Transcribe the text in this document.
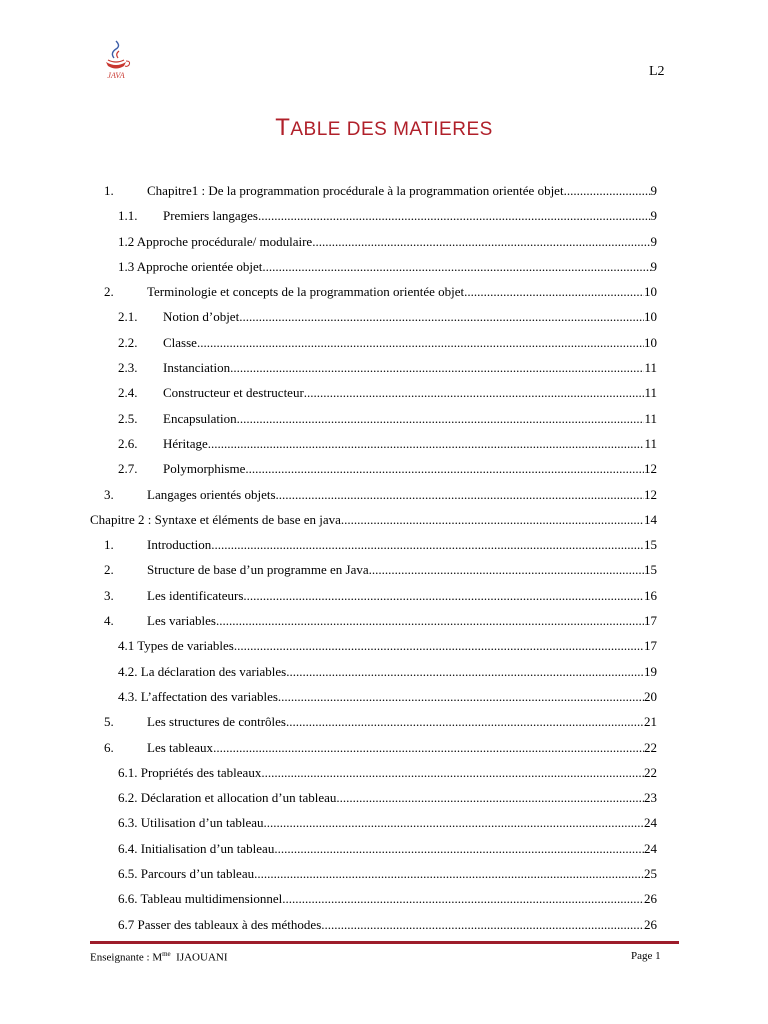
JAVA	L2
TABLE DES MATIERES
1.	Chapitre1 : De la programmation procédurale à la programmation orientée objet .....	9
1.1.	Premiers langages .....	9
1.2 Approche procédurale/ modulaire .....	9
1.3 Approche orientée objet .....	9
2.	Terminologie et concepts de la programmation orientée objet .....	10
2.1.	Notion d’objet .....	10
2.2.	Classe .....	10
2.3.	Instanciation .....	11
2.4.	Constructeur et destructeur .....	11
2.5.	Encapsulation .....	11
2.6.	Héritage .....	11
2.7.	Polymorphisme .....	12
3.	Langages orientés objets .....	12
Chapitre 2 : Syntaxe et éléments de base en java .....	14
1.	Introduction .....	15
2.	Structure de base d’un programme en Java .....	15
3.	Les identificateurs .....	16
4.	Les variables .....	17
4.1 Types de variables .....	17
4.2. La déclaration des variables .....	19
4.3. L’affectation des variables .....	20
5.	Les structures de contrôles .....	21
6.	Les tableaux .....	22
6.1. Propriétés des tableaux .....	22
6.2. Déclaration et allocation d’un tableau .....	23
6.3. Utilisation d’un tableau .....	24
6.4. Initialisation d’un tableau .....	24
6.5. Parcours d’un tableau .....	25
6.6. Tableau multidimensionnel .....	26
6.7 Passer des tableaux à des méthodes .....	26
Enseignante : $M^{me}$ IJAOUANI	Page 1
